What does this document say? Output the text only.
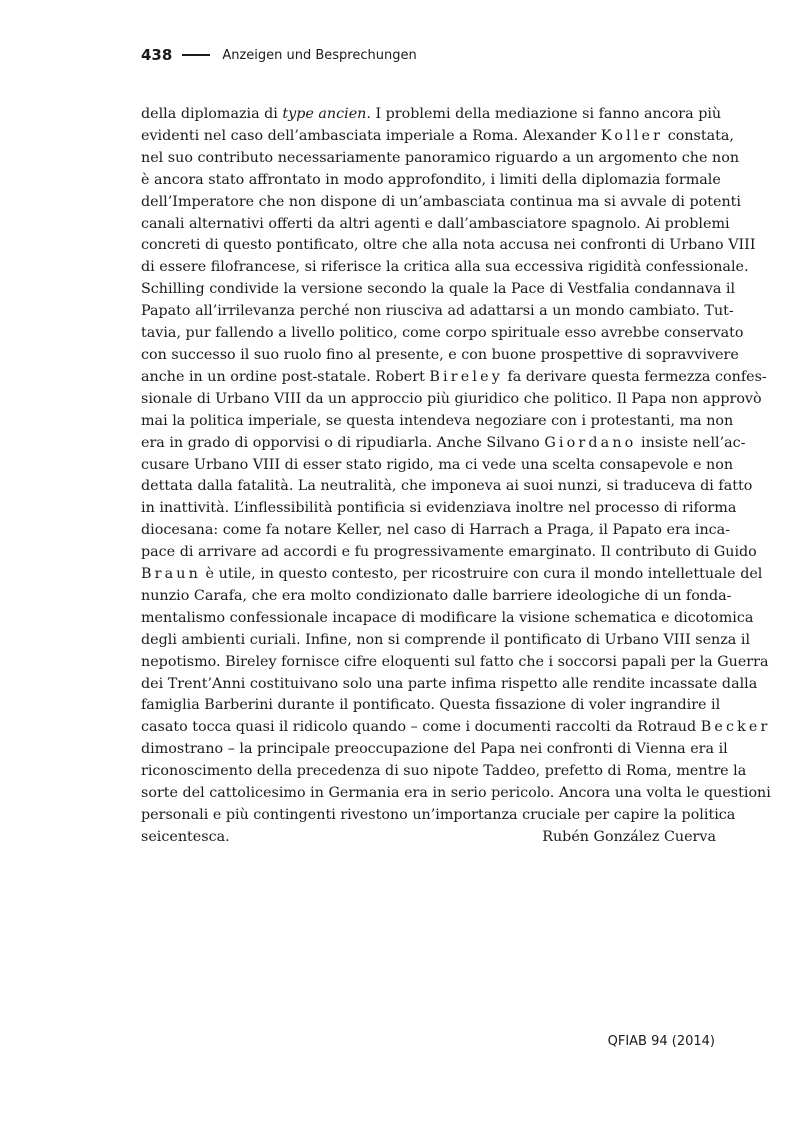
438	Anzeigen und Besprechungen
della diplomazia di type ancien. I problemi della mediazione si fanno ancora più
evidenti nel caso dell’ambasciata imperiale a Roma. Alexander Koller constata,
nel suo contributo necessariamente panoramico riguardo a un argomento che non
è ancora stato affrontato in modo approfondito, i limiti della diplomazia formale
dell’Imperatore che non dispone di un’ambasciata continua ma si avvale di potenti
canali alternativi offerti da altri agenti e dall’ambasciatore spagnolo. Ai problemi
concreti di questo pontificato, oltre che alla nota accusa nei confronti di Urbano VIII
di essere filofrancese, si riferisce la critica alla sua eccessiva rigidità confessionale.
Schilling condivide la versione secondo la quale la Pace di Vestfalia condannava il
Papato all’irrilevanza perché non riusciva ad adattarsi a un mondo cambiato. Tut-
tavia, pur fallendo a livello politico, come corpo spirituale esso avrebbe conservato
con successo il suo ruolo fino al presente, e con buone prospettive di sopravvivere
anche in un ordine post-statale. Robert Bireley fa derivare questa fermezza confes-
sionale di Urbano VIII da un approccio più giuridico che politico. Il Papa non approvò
mai la politica imperiale, se questa intendeva negoziare con i protestanti, ma non
era in grado di opporvisi o di ripudiarla. Anche Silvano Giordano insiste nell’ac-
cusare Urbano VIII di esser stato rigido, ma ci vede una scelta consapevole e non
dettata dalla fatalità. La neutralità, che imponeva ai suoi nunzi, si traduceva di fatto
in inattività. L’inflessibilità pontificia si evidenziava inoltre nel processo di riforma
diocesana: come fa notare Keller, nel caso di Harrach a Praga, il Papato era inca-
pace di arrivare ad accordi e fu progressivamente emarginato. Il contributo di Guido
Braun è utile, in questo contesto, per ricostruire con cura il mondo intellettuale del
nunzio Carafa, che era molto condizionato dalle barriere ideologiche di un fonda-
mentalismo confessionale incapace di modificare la visione schematica e dicotomica
degli ambienti curiali. Infine, non si comprende il pontificato di Urbano VIII senza il
nepotismo. Bireley fornisce cifre eloquenti sul fatto che i soccorsi papali per la Guerra
dei Trent’Anni costituivano solo una parte infima rispetto alle rendite incassate dalla
famiglia Barberini durante il pontificato. Questa fissazione di voler ingrandire il
casato tocca quasi il ridicolo quando – come i documenti raccolti da Rotraud Becker
dimostrano – la principale preoccupazione del Papa nei confronti di Vienna era il
riconoscimento della precedenza di suo nipote Taddeo, prefetto di Roma, mentre la
sorte del cattolicesimo in Germania era in serio pericolo. Ancora una volta le questioni
personali e più contingenti rivestono un’importanza cruciale per capire la politica
seicentesca.	Rubén González Cuerva
QFIAB 94 (2014)
